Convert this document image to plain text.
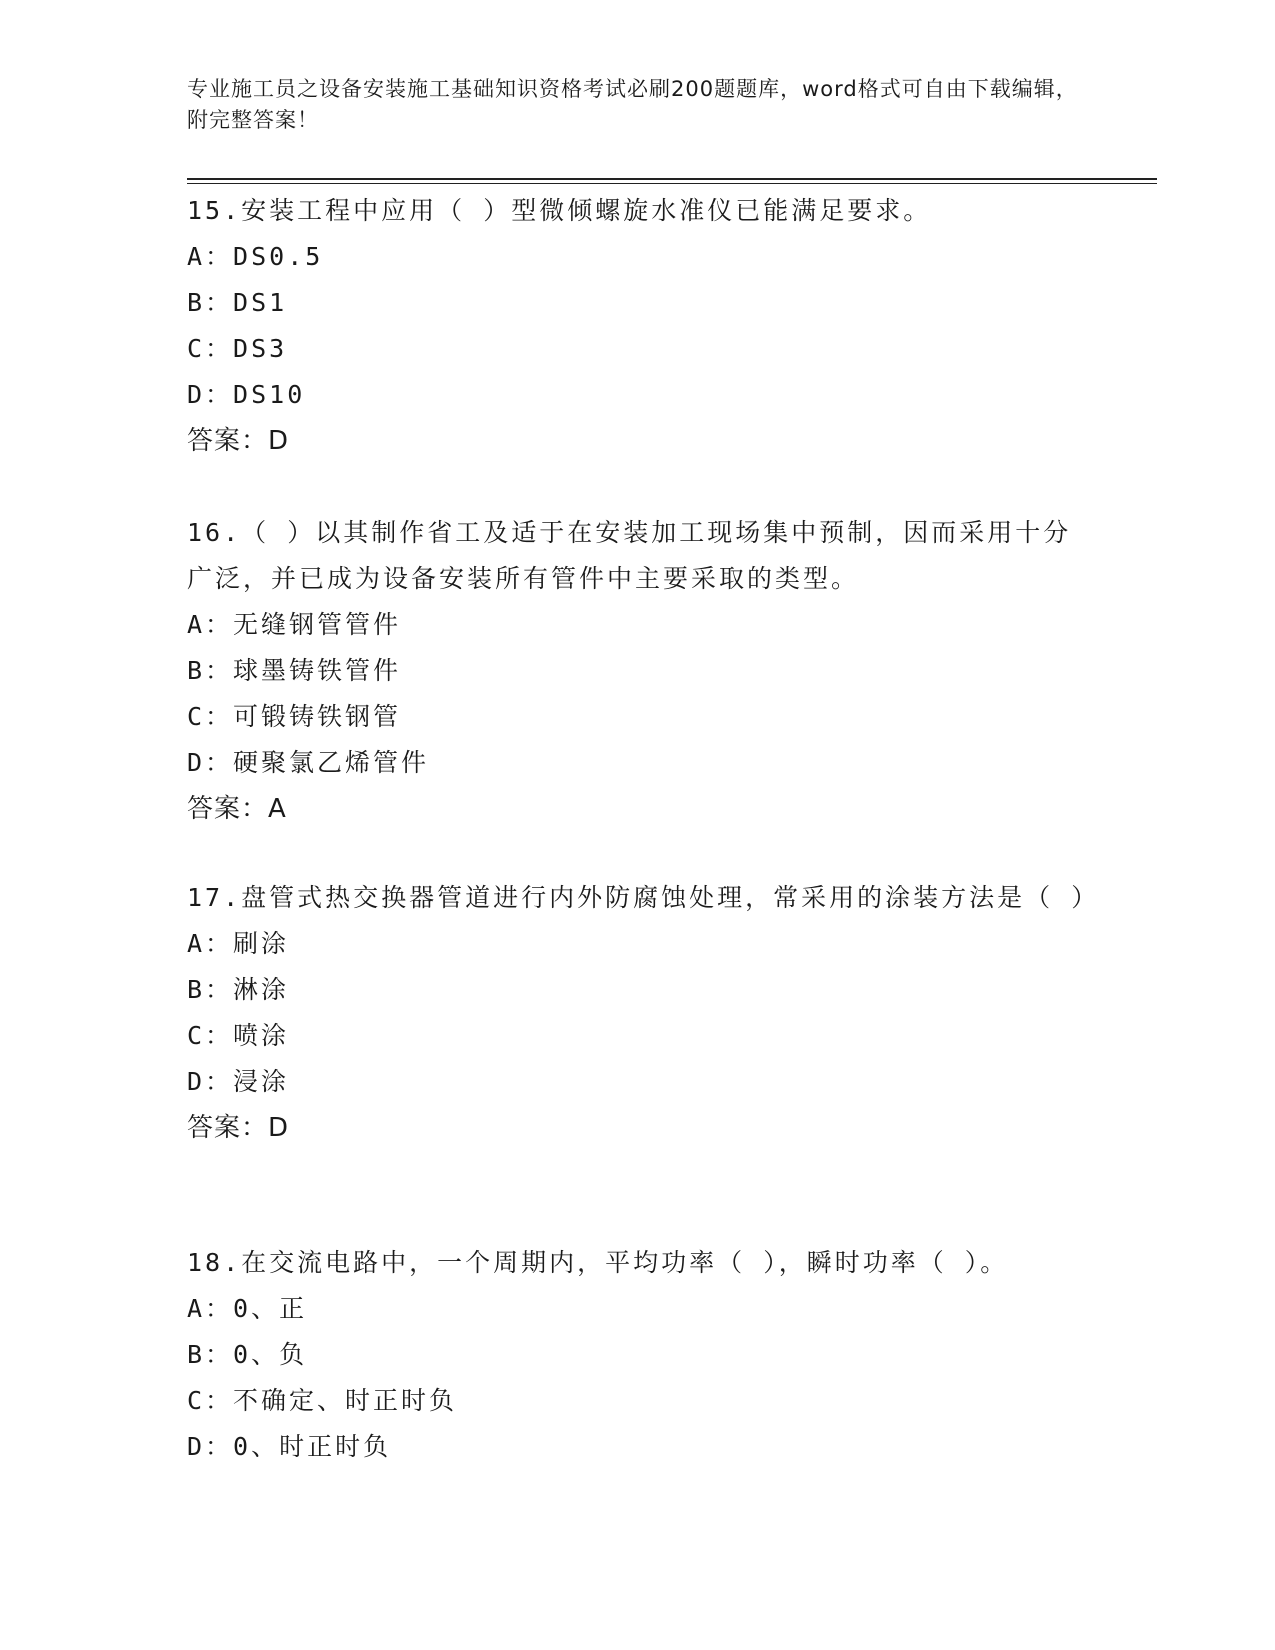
专业施工员之设备安装施工基础知识资格考试必刷200题题库，word格式可自由下载编辑，附完整答案！

15.安装工程中应用（ ）型微倾螺旋水准仪已能满足要求。

A：DS0.5

B：DS1

C：DS3

D：DS10

答案：D

16.（ ）以其制作省工及适于在安装加工现场集中预制，因而采用十分广泛，并已成为设备安装所有管件中主要采取的类型。

A：无缝钢管管件

B：球墨铸铁管件

C：可锻铸铁钢管

D：硬聚氯乙烯管件

答案：A

17.盘管式热交换器管道进行内外防腐蚀处理，常采用的涂装方法是（ ）

A：刷涂

B：淋涂

C：喷涂

D：浸涂

答案：D

18.在交流电路中，一个周期内，平均功率（ ），瞬时功率（ ）。

A：0、正

B：0、负

C：不确定、时正时负

D：0、时正时负
